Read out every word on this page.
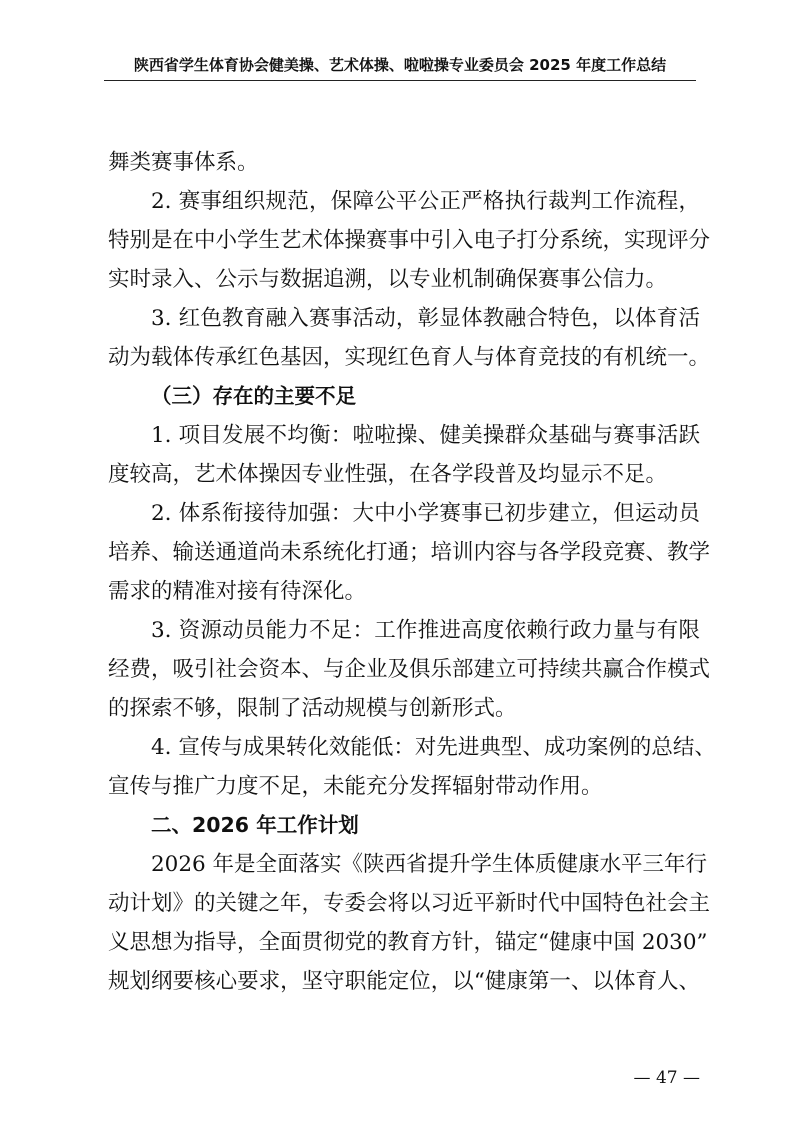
陕西省学生体育协会健美操、艺术体操、啦啦操专业委员会 2025 年度工作总结
舞类赛事体系。
2. 赛事组织规范，保障公平公正严格执行裁判工作流程，
特别是在中小学生艺术体操赛事中引入电子打分系统，实现评分
实时录入、公示与数据追溯，以专业机制确保赛事公信力。
3. 红色教育融入赛事活动，彰显体教融合特色，以体育活
动为载体传承红色基因，实现红色育人与体育竞技的有机统一。
（三）存在的主要不足
1. 项目发展不均衡：啦啦操、健美操群众基础与赛事活跃
度较高，艺术体操因专业性强，在各学段普及均显示不足。
2. 体系衔接待加强：大中小学赛事已初步建立，但运动员
培养、输送通道尚未系统化打通；培训内容与各学段竞赛、教学
需求的精准对接有待深化。
3. 资源动员能力不足：工作推进高度依赖行政力量与有限
经费，吸引社会资本、与企业及俱乐部建立可持续共赢合作模式
的探索不够，限制了活动规模与创新形式。
4. 宣传与成果转化效能低：对先进典型、成功案例的总结、
宣传与推广力度不足，未能充分发挥辐射带动作用。
二、2026 年工作计划
2026 年是全面落实《陕西省提升学生体质健康水平三年行
动计划》的关键之年，专委会将以习近平新时代中国特色社会主
义思想为指导，全面贯彻党的教育方针，锚定“健康中国 2030”
规划纲要核心要求，坚守职能定位，以“健康第一、以体育人、
— 47 —
